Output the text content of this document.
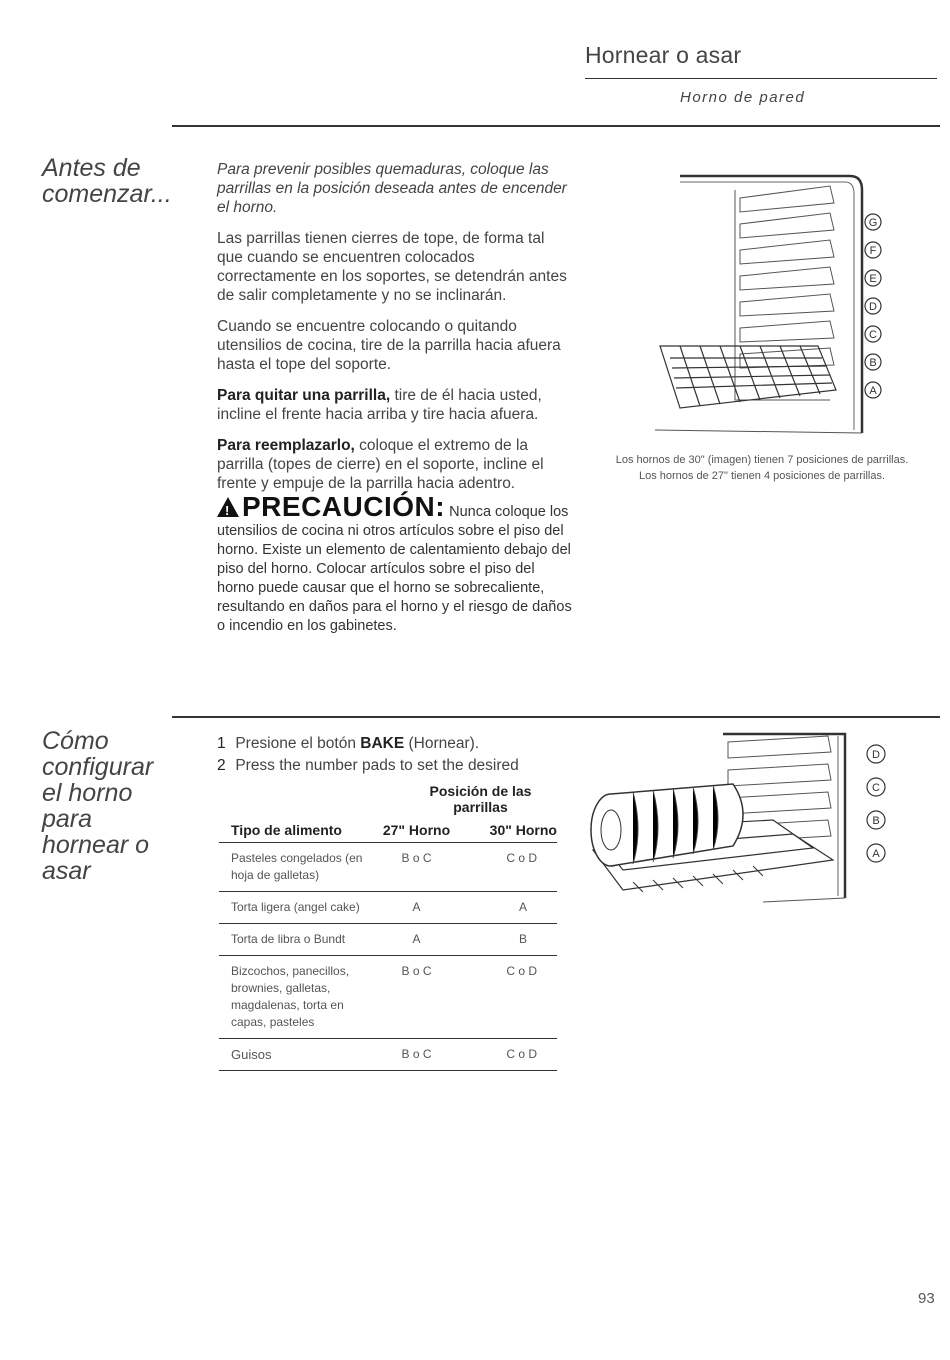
Hornear o asar
Horno de pared
Antes de
comenzar...

Para prevenir posibles quemaduras, coloque las parrillas en la posición deseada antes de encender el horno.

Las parrillas tienen cierres de tope, de forma tal que cuando se encuentren colocados correctamente en los soportes, se detendrán antes de salir completamente y no se inclinarán.

Cuando se encuentre colocando o quitando utensilios de cocina, tire de la parrilla hacia afuera hasta el tope del soporte.

Para quitar una parrilla, tire de él hacia usted, incline el frente hacia arriba y tire hacia afuera.

Para reemplazarlo, coloque el extremo de la parrilla (topes de cierre) en el soporte, incline el frente y empuje de la parrilla hacia adentro.

!PRECAUCIÓN: Nunca coloque los utensilios de cocina ni otros artículos sobre el piso del horno. Existe un elemento de calentamiento debajo del piso del horno. Colocar artículos sobre el piso del horno puede causar que el horno se sobrecaliente, resultando en daños para el horno y el riesgo de daños o incendio en los gabinetes.
G
F
E
D
C
B
A
Los hornos de 30" (imagen) tienen 7 posiciones de parrillas.
Los hornos de 27" tienen 4 posiciones de parrillas.
Cómo
configurar
el horno
para
hornear o
asar
1 Presione el botón BAKE (Hornear).
2 Press the number pads to set the desired
	Posición de las parrillas	
Tipo de alimento	27" Horno	30" Horno
Pasteles congelados (en hoja de galletas)	B o C	C o D
Torta ligera (angel cake)	A	A
Torta de libra o Bundt	A	B
Bizcochos, panecillos, brownies, galletas, magdalenas, torta en capas, pasteles	B o C	C o D
Guisos	B o C	C o D
D
C
B
A
93
